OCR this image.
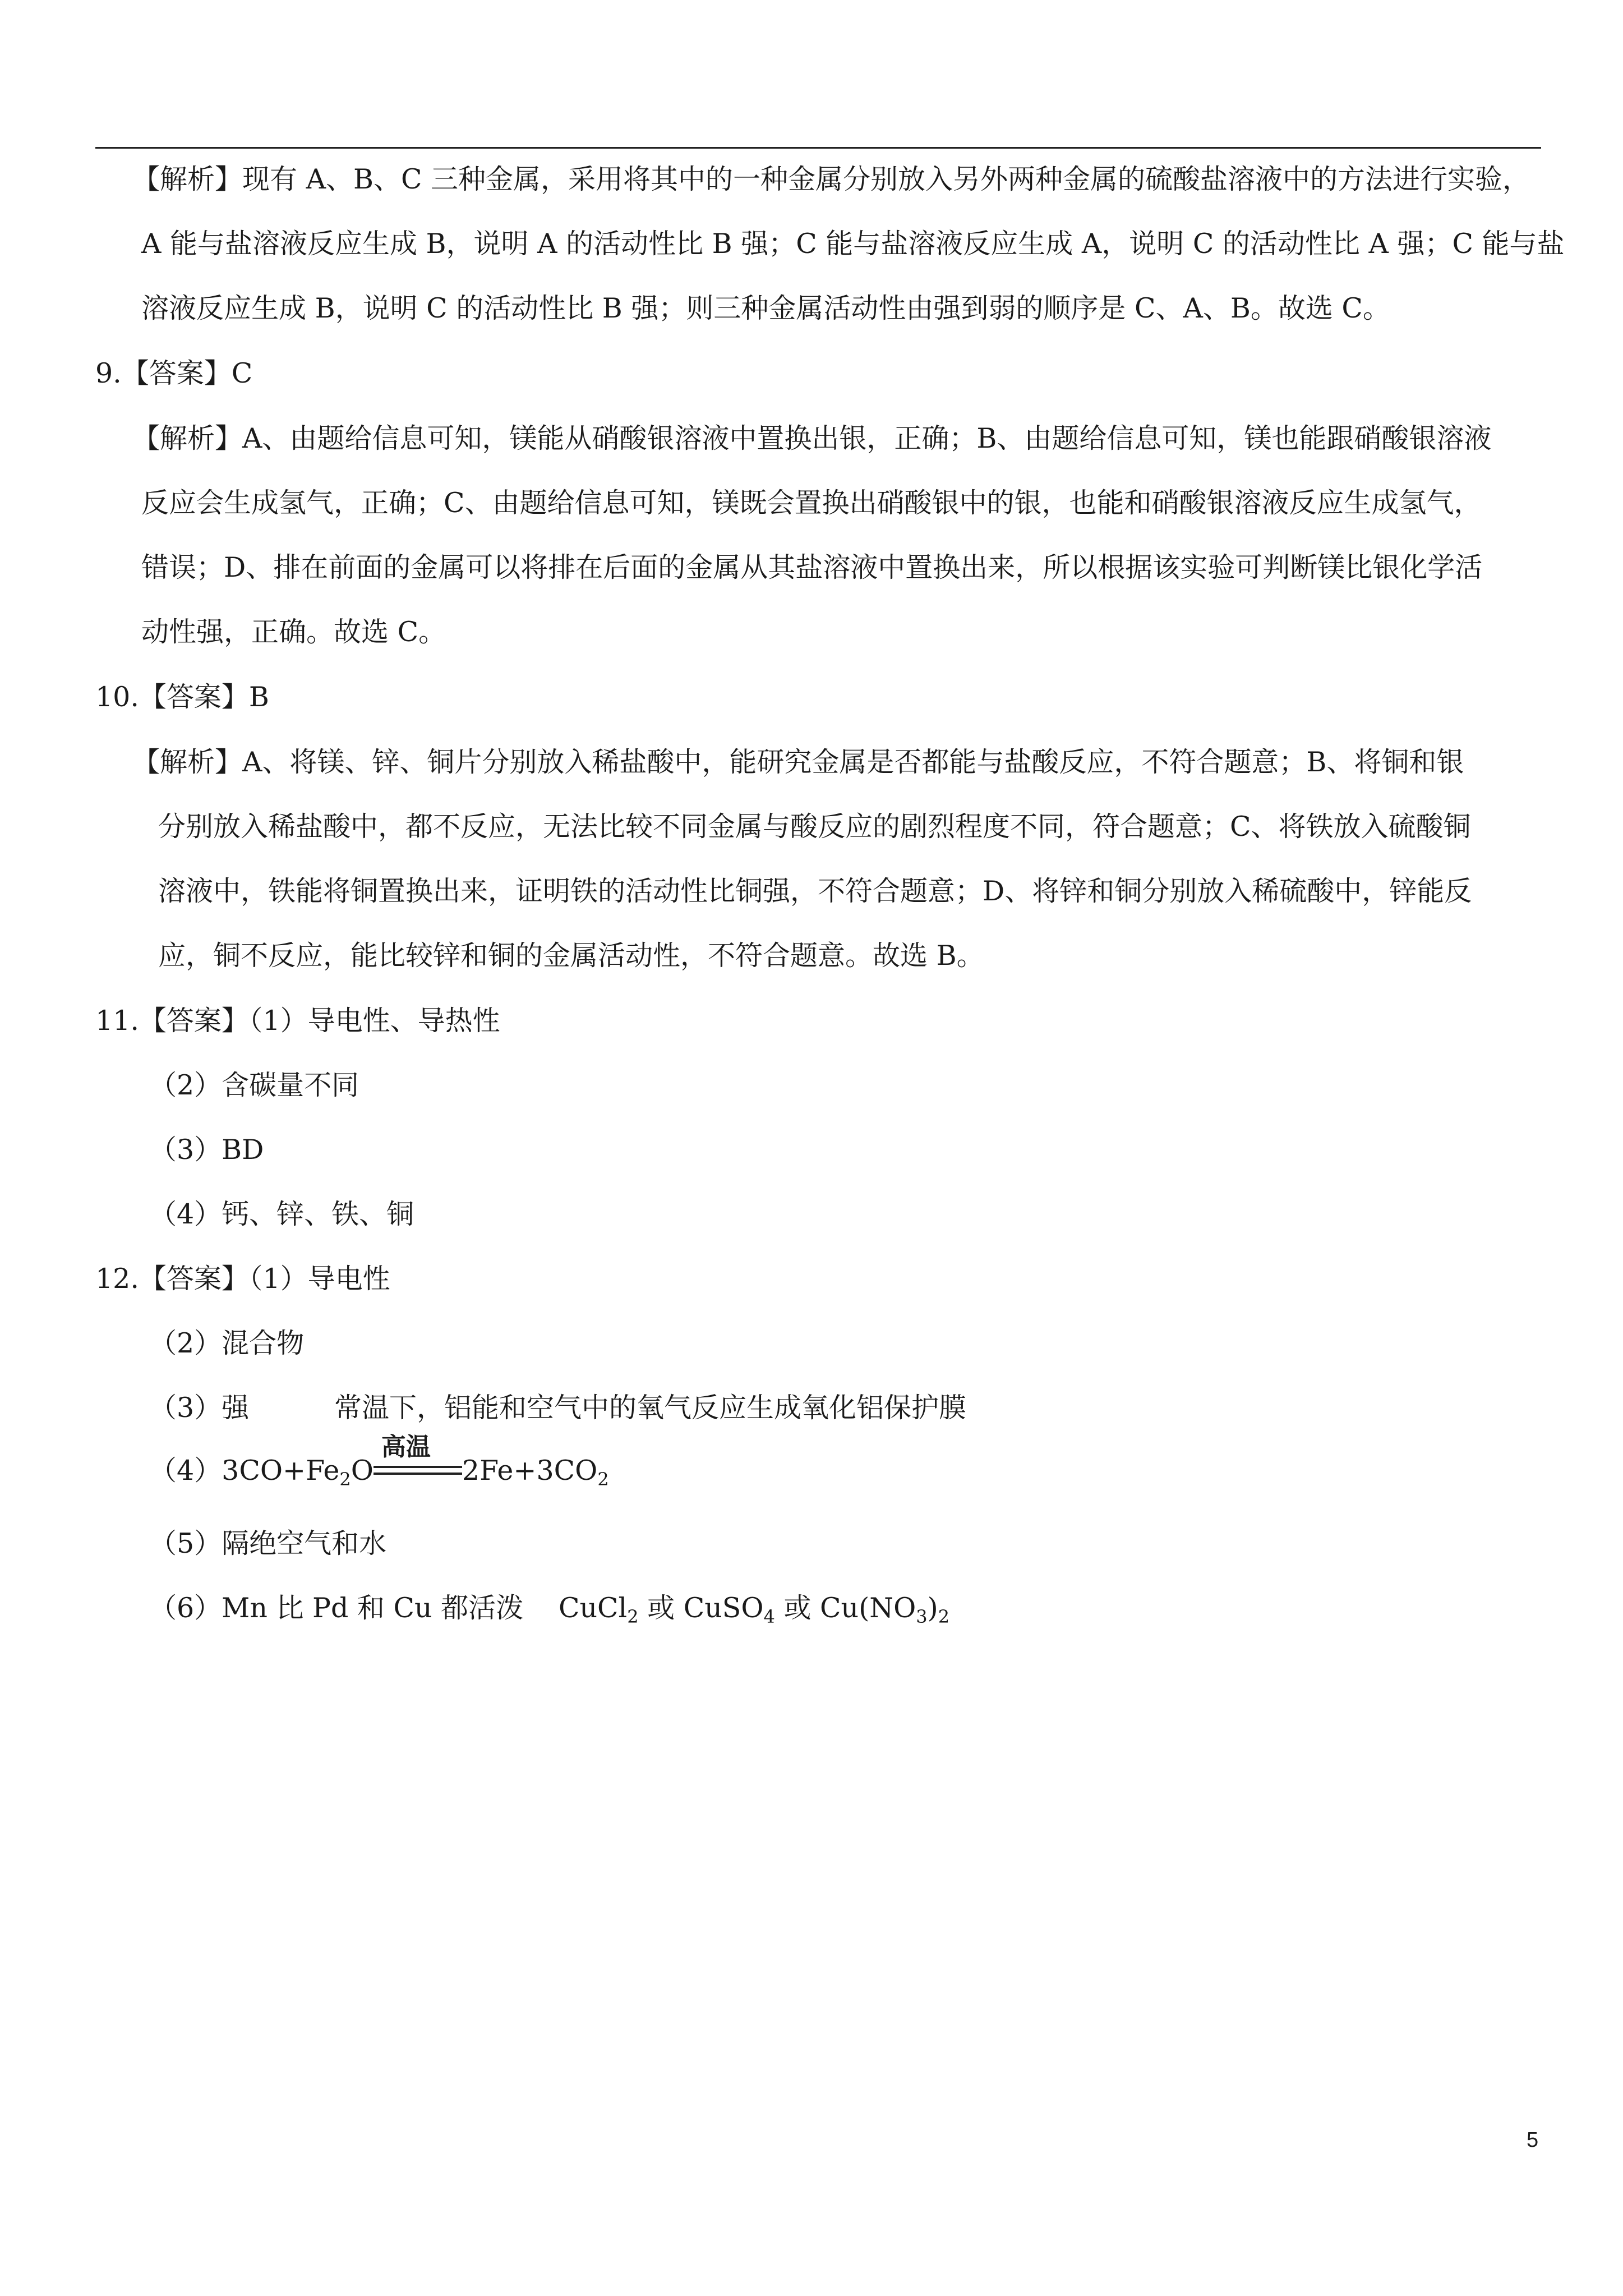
【解析】现有 A、B、C 三种金属，采用将其中的一种金属分别放入另外两种金属的硫酸盐溶液中的方法进行实验，
A 能与盐溶液反应生成 B，说明 A 的活动性比 B 强；C 能与盐溶液反应生成 A，说明 C 的活动性比 A 强；C 能与盐
溶液反应生成 B，说明 C 的活动性比 B 强；则三种金属活动性由强到弱的顺序是 C、A、B。故选 C。
9.【答案】C
【解析】A、由题给信息可知，镁能从硝酸银溶液中置换出银，正确；B、由题给信息可知，镁也能跟硝酸银溶液
反应会生成氢气，正确；C、由题给信息可知，镁既会置换出硝酸银中的银，也能和硝酸银溶液反应生成氢气，
错误；D、排在前面的金属可以将排在后面的金属从其盐溶液中置换出来，所以根据该实验可判断镁比银化学活
动性强，正确。故选 C。
10.【答案】B
【解析】A、将镁、锌、铜片分别放入稀盐酸中，能研究金属是否都能与盐酸反应，不符合题意；B、将铜和银
分别放入稀盐酸中，都不反应，无法比较不同金属与酸反应的剧烈程度不同，符合题意；C、将铁放入硫酸铜
溶液中，铁能将铜置换出来，证明铁的活动性比铜强，不符合题意；D、将锌和铜分别放入稀硫酸中，锌能反
应，铜不反应，能比较锌和铜的金属活动性，不符合题意。故选 B。
11.【答案】（1）导电性、导热性
（2）含碳量不同
（3）BD
（4）钙、锌、铁、铜
12.【答案】（1）导电性
（2）混合物
（3）强	常温下，铝能和空气中的氧气反应生成氧化铝保护膜
$(4)3CO+Fe_2O$
高温
$2Fe+3CO_2$
（5）隔绝空气和水
（6）Mn 比 Pd 和 Cu 都活泼 CuCl$_2$ 或 CuSO$_4$ 或 $Cu(NO_3)_2$
5
